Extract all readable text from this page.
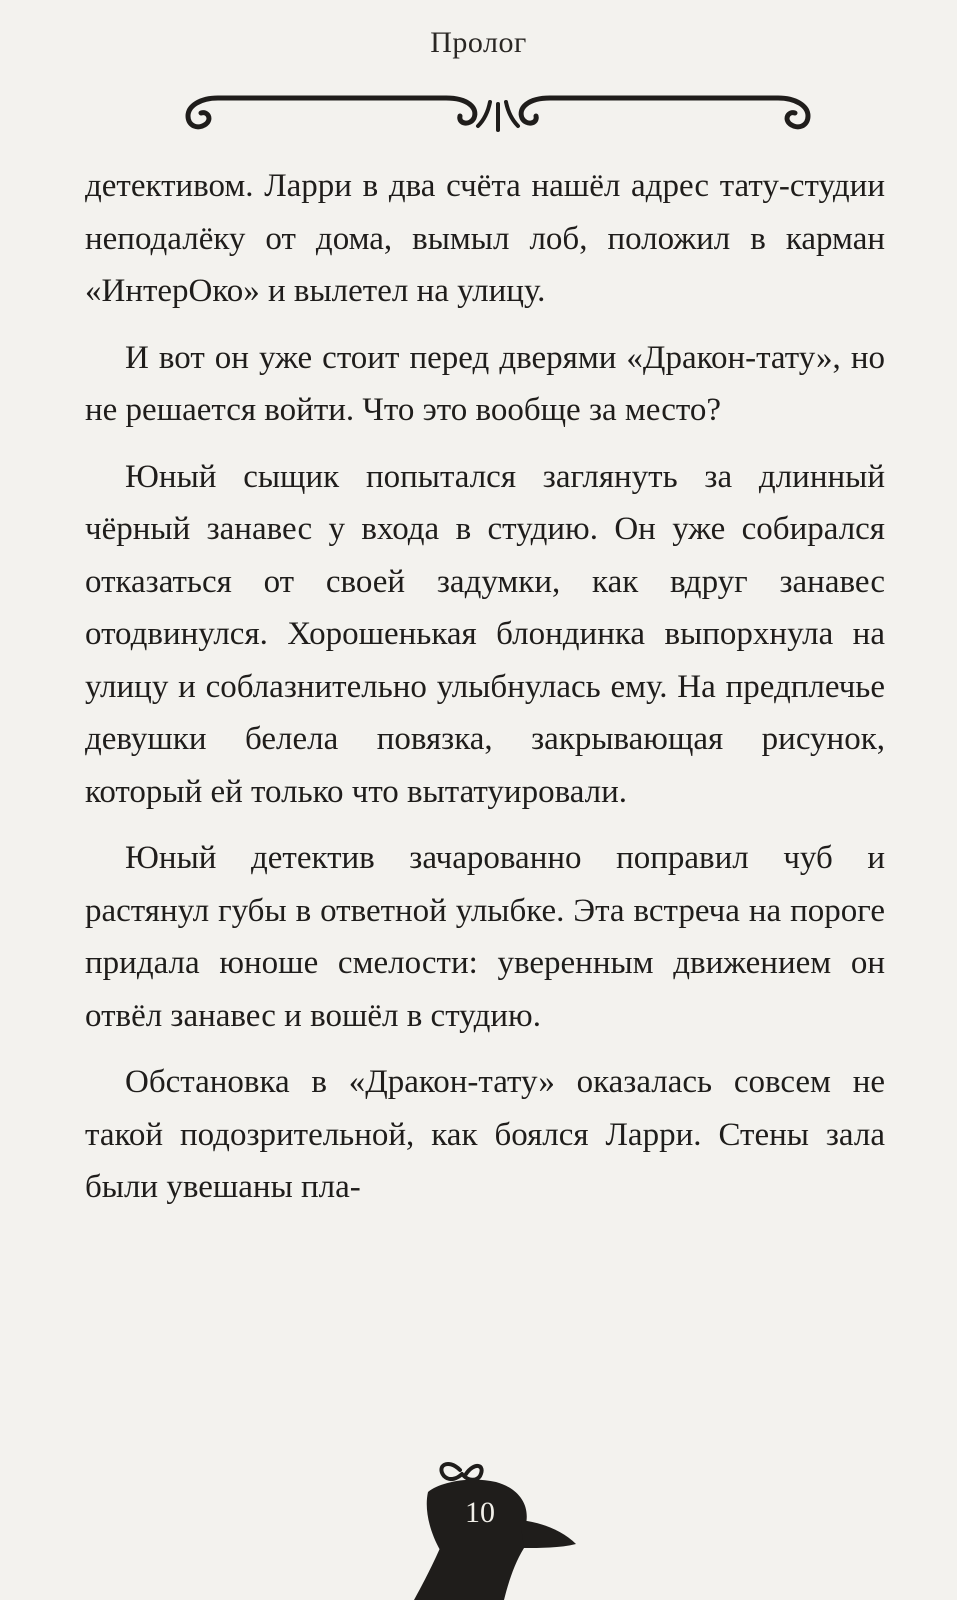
Пролог

детективом. Ларри в два счёта нашёл адрес тату-студии неподалёку от дома, вымыл лоб, положил в карман «ИнтерОко» и вылетел на улицу.

И вот он уже стоит перед дверями «Дракон-тату», но не решается войти. Что это вообще за место?

Юный сыщик попытался заглянуть за длинный чёрный занавес у входа в студию. Он уже собирался отказаться от своей задумки, как вдруг занавес отодвинулся. Хорошенькая блондинка выпорхнула на улицу и соблазнительно улыбнулась ему. На предплечье девушки белела повязка, закрывающая рисунок, который ей только что вытатуировали.

Юный детектив зачарованно поправил чуб и растянул губы в ответной улыбке. Эта встреча на пороге придала юноше смелости: уверенным движением он отвёл занавес и вошёл в студию.

Обстановка в «Дракон-тату» оказалась совсем не такой подозрительной, как боялся Ларри. Стены зала были увешаны пла-

10
